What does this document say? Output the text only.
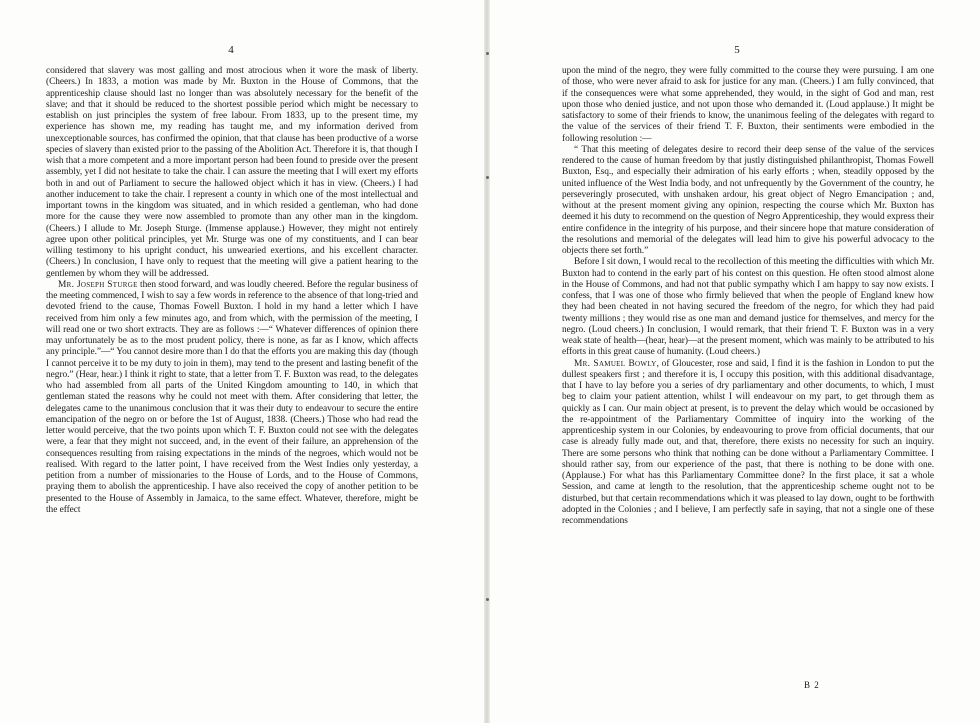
4

considered that slavery was most galling and most atrocious when it wore the mask of liberty. (Cheers.) In 1833, a motion was made by Mr. Buxton in the House of Commons, that the apprenticeship clause should last no longer than was absolutely necessary for the benefit of the slave; and that it should be reduced to the shortest possible period which might be necessary to establish on just principles the system of free labour. From 1833, up to the present time, my experience has shown me, my reading has taught me, and my information derived from unexceptionable sources, has confirmed the opinion, that that clause has been productive of a worse species of slavery than existed prior to the passing of the Abolition Act. Therefore it is, that though I wish that a more competent and a more important person had been found to preside over the present assembly, yet I did not hesitate to take the chair. I can assure the meeting that I will exert my efforts both in and out of Parliament to secure the hallowed object which it has in view. (Cheers.) I had another inducement to take the chair. I represent a county in which one of the most intellectual and important towns in the kingdom was situated, and in which resided a gentleman, who had done more for the cause they were now assembled to promote than any other man in the kingdom. (Cheers.) I allude to Mr. Joseph Sturge. (Immense applause.) However, they might not entirely agree upon other political principles, yet Mr. Sturge was one of my constituents, and I can bear willing testimony to his upright conduct, his unwearied exertions, and his excellent character. (Cheers.) In conclusion, I have only to request that the meeting will give a patient hearing to the gentlemen by whom they will be addressed.

Mr. Joseph Sturge then stood forward, and was loudly cheered. Before the regular business of the meeting commenced, I wish to say a few words in reference to the absence of that long-tried and devoted friend to the cause, Thomas Fowell Buxton. I hold in my hand a letter which I have received from him only a few minutes ago, and from which, with the permission of the meeting, I will read one or two short extracts. They are as follows :—“ Whatever differences of opinion there may unfortunately be as to the most prudent policy, there is none, as far as I know, which affects any principle.”—“ You cannot desire more than I do that the efforts you are making this day (though I cannot perceive it to be my duty to join in them), may tend to the present and lasting benefit of the negro.” (Hear, hear.) I think it right to state, that a letter from T. F. Buxton was read, to the delegates who had assembled from all parts of the United Kingdom amounting to 140, in which that gentleman stated the reasons why he could not meet with them. After considering that letter, the delegates came to the unanimous conclusion that it was their duty to endeavour to secure the entire emancipation of the negro on or before the 1st of August, 1838. (Cheers.) Those who had read the letter would perceive, that the two points upon which T. F. Buxton could not see with the delegates were, a fear that they might not succeed, and, in the event of their failure, an apprehension of the consequences resulting from raising expectations in the minds of the negroes, which would not be realised. With regard to the latter point, I have received from the West Indies only yesterday, a petition from a number of missionaries to the House of Lords, and to the House of Commons, praying them to abolish the apprenticeship. I have also received the copy of another petition to be presented to the House of Assembly in Jamaica, to the same effect. Whatever, therefore, might be the effect

5

upon the mind of the negro, they were fully committed to the course they were pursuing. I am one of those, who were never afraid to ask for justice for any man. (Cheers.) I am fully convinced, that if the consequences were what some apprehended, they would, in the sight of God and man, rest upon those who denied justice, and not upon those who demanded it. (Loud applause.) It might be satisfactory to some of their friends to know, the unanimous feeling of the delegates with regard to the value of the services of their friend T. F. Buxton, their sentiments were embodied in the following resolution :—

“ That this meeting of delegates desire to record their deep sense of the value of the services rendered to the cause of human freedom by that justly distinguished philanthropist, Thomas Fowell Buxton, Esq., and especially their admiration of his early efforts ; when, steadily opposed by the united influence of the West India body, and not unfrequently by the Government of the country, he perseveringly prosecuted, with unshaken ardour, his great object of Negro Emancipation ; and, without at the present moment giving any opinion, respecting the course which Mr. Buxton has deemed it his duty to recommend on the question of Negro Apprenticeship, they would express their entire confidence in the integrity of his purpose, and their sincere hope that mature consideration of the resolutions and memorial of the delegates will lead him to give his powerful advocacy to the objects there set forth.”

Before I sit down, I would recal to the recollection of this meeting the difficulties with which Mr. Buxton had to contend in the early part of his contest on this question. He often stood almost alone in the House of Commons, and had not that public sympathy which I am happy to say now exists. I confess, that I was one of those who firmly believed that when the people of England knew how they had been cheated in not having secured the freedom of the negro, for which they had paid twenty millions ; they would rise as one man and demand justice for themselves, and mercy for the negro. (Loud cheers.) In conclusion, I would remark, that their friend T. F. Buxton was in a very weak state of health—(hear, hear)—at the present moment, which was mainly to be attributed to his efforts in this great cause of humanity. (Loud cheers.)

Mr. Samuel Bowly, of Gloucester, rose and said, I find it is the fashion in London to put the dullest speakers first ; and therefore it is, I occupy this position, with this additional disadvantage, that I have to lay before you a series of dry parliamentary and other documents, to which, I must beg to claim your patient attention, whilst I will endeavour on my part, to get through them as quickly as I can. Our main object at present, is to prevent the delay which would be occasioned by the re-appointment of the Parliamentary Committee of inquiry into the working of the apprenticeship system in our Colonies, by endeavouring to prove from official documents, that our case is already fully made out, and that, therefore, there exists no necessity for such an inquiry. There are some persons who think that nothing can be done without a Parliamentary Committee. I should rather say, from our experience of the past, that there is nothing to be done with one. (Applause.) For what has this Parliamentary Committee done? In the first place, it sat a whole Session, and came at length to the resolution, that the apprenticeship scheme ought not to be disturbed, but that certain recommendations which it was pleased to lay down, ought to be forthwith adopted in the Colonies ; and I believe, I am perfectly safe in saying, that not a single one of these recommendations

B 2
